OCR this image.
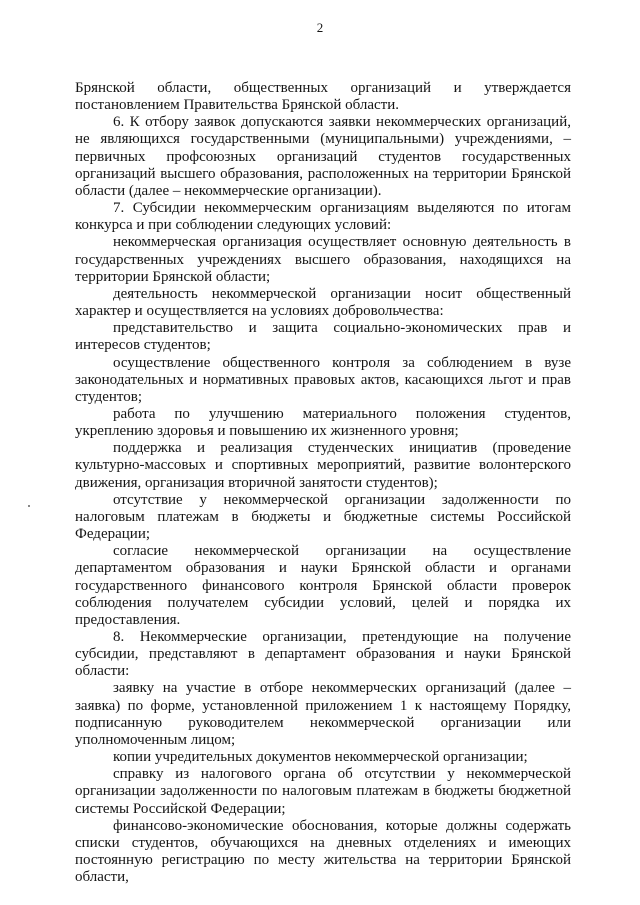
2

Брянской области, общественных организаций и утверждается постановлением Правительства Брянской области.

6. К отбору заявок допускаются заявки некоммерческих организаций, не являющихся государственными (муниципальными) учреждениями, – первичных профсоюзных организаций студентов государственных организаций высшего образования, расположенных на территории Брянской области (далее – некоммерческие организации).

7. Субсидии некоммерческим организациям выделяются по итогам конкурса и при соблюдении следующих условий:

некоммерческая организация осуществляет основную деятельность в государственных учреждениях высшего образования, находящихся на территории Брянской области;

деятельность некоммерческой организации носит общественный характер и осуществляется на условиях добровольчества:

представительство и защита социально-экономических прав и интересов студентов;

осуществление общественного контроля за соблюдением в вузе законодательных и нормативных правовых актов, касающихся льгот и прав студентов;

работа по улучшению материального положения студентов, укреплению здоровья и повышению их жизненного уровня;

поддержка и реализация студенческих инициатив (проведение культурно-массовых и спортивных мероприятий, развитие волонтерского движения, организация вторичной занятости студентов);

отсутствие у некоммерческой организации задолженности по налоговым платежам в бюджеты и бюджетные системы Российской Федерации;

согласие некоммерческой организации на осуществление департаментом образования и науки Брянской области и органами государственного финансового контроля Брянской области проверок соблюдения получателем субсидии условий, целей и порядка их предоставления.

8. Некоммерческие организации, претендующие на получение субсидии, представляют в департамент образования и науки Брянской области:

заявку на участие в отборе некоммерческих организаций (далее – заявка) по форме, установленной приложением 1 к настоящему Порядку, подписанную руководителем некоммерческой организации или уполномоченным лицом;

копии учредительных документов некоммерческой организации;

справку из налогового органа об отсутствии у некоммерческой организации задолженности по налоговым платежам в бюджеты бюджетной системы Российской Федерации;

финансово-экономические обоснования, которые должны содержать списки студентов, обучающихся на дневных отделениях и имеющих постоянную регистрацию по месту жительства на территории Брянской области,
